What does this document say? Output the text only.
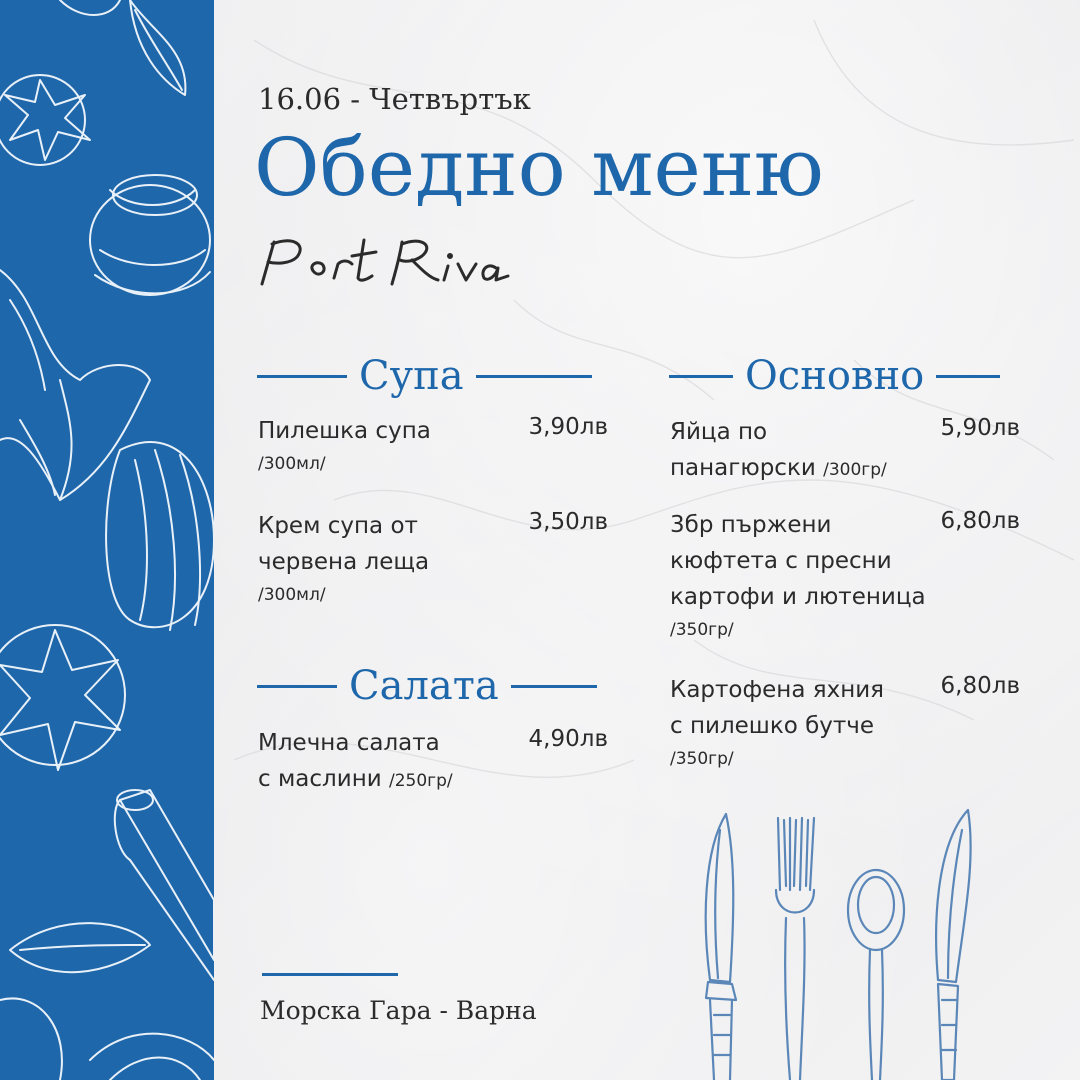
16.06 - Четвъртък
Обедно меню
Супа
Пилешка супа
/300мл/
3,90лв
Крем супа от
червена леща
/300мл/
3,50лв
Салата
Млечна салата
с маслини /250гр/
4,90лв
Основно
Яйца по
панагюрски /300гр/
5,90лв
3бр пържени
кюфтета с пресни
картофи и лютеница
/350гр/
6,80лв
Картофена яхния
с пилешко бутче
/350гр/
6,80лв
Морска Гара - Варна
